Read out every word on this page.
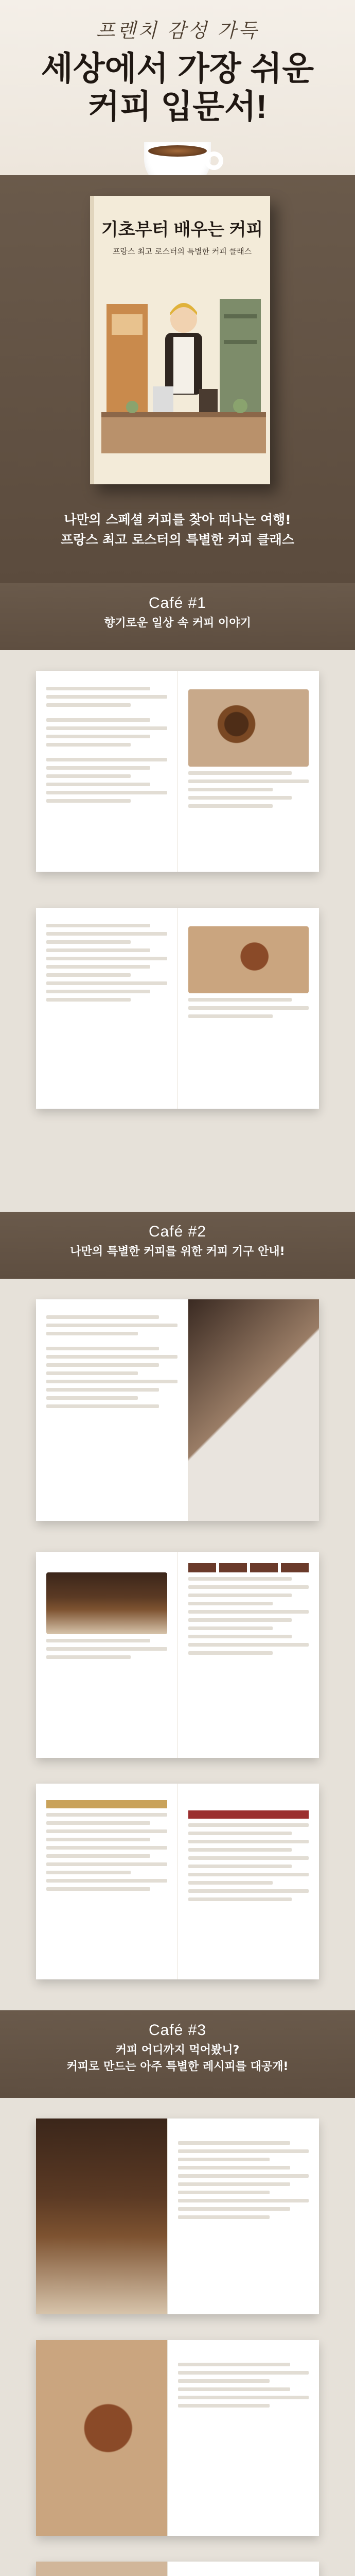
프렌치 감성 가득
세상에서 가장 쉬운
커피 입문서!
기초부터 배우는 커피
프랑스 최고 로스터의 특별한 커피 클래스
나만의 스페셜 커피를 찾아 떠나는 여행!
프랑스 최고 로스터의 특별한 커피 클래스
Café #1
향기로운 일상 속 커피 이야기
Café #2
나만의 특별한 커피를 위한 커피 기구 안내!
Café #3
커피 어디까지 먹어봤니?
커피로 만드는 아주 특별한 레시피를 대공개!
